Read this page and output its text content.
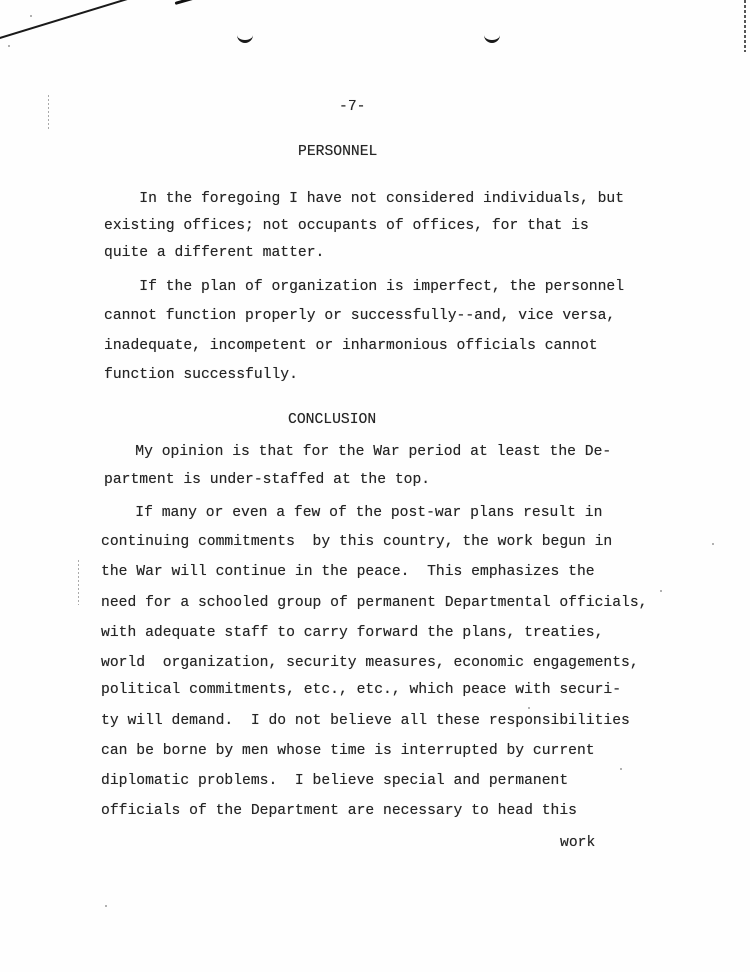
-7-
PERSONNEL
In the foregoing I have not considered individuals, but
existing offices; not occupants of offices, for that is
quite a different matter.
If the plan of organization is imperfect, the personnel
cannot function properly or successfully--and, vice versa,
inadequate, incompetent or inharmonious officials cannot
function successfully.
CONCLUSION
My opinion is that for the War period at least the De-
partment is under-staffed at the top.
If many or even a few of the post-war plans result in
continuing commitments  by this country, the work begun in
the War will continue in the peace.  This emphasizes the
need for a schooled group of permanent Departmental officials,
with adequate staff to carry forward the plans, treaties,
world  organization, security measures, economic engagements,
political commitments, etc., etc., which peace with securi-
ty will demand.  I do not believe all these responsibilities
can be borne by men whose time is interrupted by current
diplomatic problems.  I believe special and permanent
officials of the Department are necessary to head this
work
